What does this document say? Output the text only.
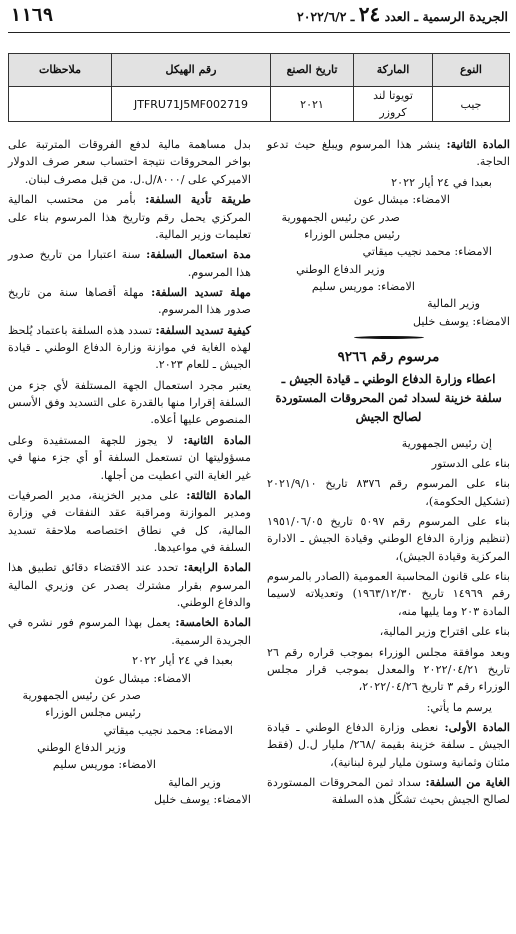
الجريدة الرسمية ـ العدد ٢٤ ـ ٢٠٢٢/٦/٢
١١٦٩
النوع	الماركة	تاريخ الصنع	رقم الهيكل	ملاحظات
جيب	تويوتا لند كروزر	٢٠٢١	JTFRU71J5MF002719	

المادة الثانية: ينشر هذا المرسوم ويبلغ حيث تدعو الحاجة.

بعبدا في ٢٤ أيار ٢٠٢٢

الامضاء: ميشال عون

صدر عن رئيس الجمهورية

رئيس مجلس الوزراء

الامضاء: محمد نجيب ميقاتي

وزير الدفاع الوطني

الامضاء: موريس سليم

وزير المالية

الامضاء: يوسف خليل

مرسوم رقم ٩٢٦٦
اعطاء وزارة الدفاع الوطني ـ قيادة الجيش ـ سلفة خزينة لسداد ثمن المحروقات المستوردة لصالح الجيش

إن رئيس الجمهورية

بناء على الدستور

بناء على المرسوم رقم ٨٣٧٦ تاريخ ٢٠٢١/٩/١٠ (تشكيل الحكومة)،

بناء على المرسوم رقم ٥٠٩٧ تاريخ ١٩٥١/٠٦/٠٥ (تنظيم وزارة الدفاع الوطني وقيادة الجيش ـ الادارة المركزية وقيادة الجيش)،

بناء على قانون المحاسبة العمومية (الصادر بالمرسوم رقم ١٤٩٦٩ تاريخ ١٩٦٣/١٢/٣٠) وتعديلاته لاسيما المادة ٢٠٣ وما يليها منه،

بناء على اقتراح وزير المالية،

وبعد موافقة مجلس الوزراء بموجب قراره رقم ٢٦ تاريخ ٢٠٢٢/٠٤/٢١ والمعدل بموجب قرار مجلس الوزراء رقم ٣ تاريخ ٢٠٢٢/٠٤/٢٦،

يرسم ما يأتي:

المادة الأولى: نعطى وزارة الدفاع الوطني ـ قيادة الجيش ـ سلفة خزينة بقيمة /٢٦٨/ مليار ل.ل (فقط مئتان وثمانية وستون مليار ليرة لبنانية)،

الغاية من السلفة: سداد ثمن المحروقات المستوردة لصالح الجيش بحيث تشكّل هذه السلفة

بدل مساهمة مالية لدفع الفروقات المترتبة على بواخر المحروقات نتيجة احتساب سعر صرف الدولار الاميركي على /٨٠٠٠/ل.ل. من قبل مصرف لبنان.

طريقة تأدية السلفة: بأمر من محتسب المالية المركزي يحمل رقم وتاريخ هذا المرسوم بناء على تعليمات وزير المالية.

مدة استعمال السلفة: سنة اعتبارا من تاريخ صدور هذا المرسوم.

مهلة تسديد السلفة: مهلة أقصاها سنة من تاريخ صدور هذا المرسوم.

كيفية تسديد السلفة: تسدد هذه السلفة باعتماد يُلحظ لهذه الغاية في موازنة وزارة الدفاع الوطني ـ قيادة الجيش ـ للعام ٢٠٢٣.

يعتبر مجرد استعمال الجهة المستلفة لأي جزء من السلفة إقرارا منها بالقدرة على التسديد وفق الأسس المنصوص عليها أعلاه.

المادة الثانية: لا يجوز للجهة المستفيدة وعلى مسؤوليتها ان تستعمل السلفة أو أي جزء منها في غير الغاية التي اعطيت من أجلها.

المادة الثالثة: على مدير الخزينة، مدير الصرفيات ومدير الموازنة ومراقبة عقد النفقات في وزارة المالية، كل في نطاق اختصاصه ملاحقة تسديد السلفة في مواعيدها.

المادة الرابعة: تحدد عند الاقتضاء دقائق تطبيق هذا المرسوم بقرار مشترك يصدر عن وزيري المالية والدفاع الوطني.

المادة الخامسة: يعمل بهذا المرسوم فور نشره في الجريدة الرسمية.

بعبدا في ٢٤ أيار ٢٠٢٢

الامضاء: ميشال عون

صدر عن رئيس الجمهورية

رئيس مجلس الوزراء

الامضاء: محمد نجيب ميقاتي

وزير الدفاع الوطني

الامضاء: موريس سليم

وزير المالية

الامضاء: يوسف خليل
